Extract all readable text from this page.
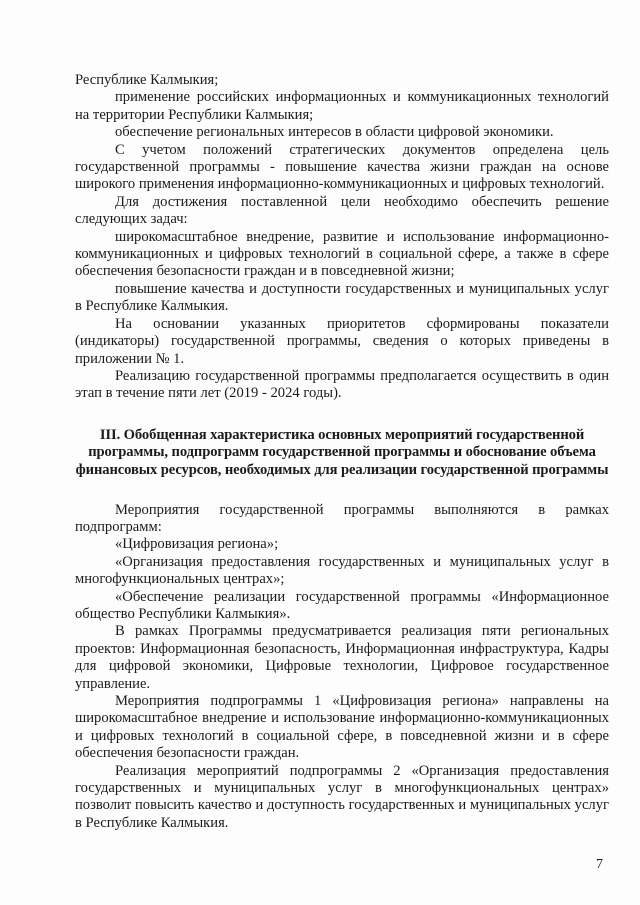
Республике Калмыкия;

применение российских информационных и коммуникационных технологий на территории Республики Калмыкия;

обеспечение региональных интересов в области цифровой экономики.

С учетом положений стратегических документов определена цель государственной программы - повышение качества жизни граждан на основе широкого применения информационно-коммуникационных и цифровых технологий.

Для достижения поставленной цели необходимо обеспечить решение следующих задач:

широкомасштабное внедрение, развитие и использование информационно-коммуникационных и цифровых технологий в социальной сфере, а также в сфере обеспечения безопасности граждан и в повседневной жизни;

повышение качества и доступности государственных и муниципальных услуг в Республике Калмыкия.

На основании указанных приоритетов сформированы показатели (индикаторы) государственной программы, сведения о которых приведены в приложении № 1.

Реализацию государственной программы предполагается осуществить в один этап в течение пяти лет (2019 - 2024 годы).

III. Обобщенная характеристика основных мероприятий государственной программы, подпрограмм государственной программы и обоснование объема финансовых ресурсов, необходимых для реализации государственной программы

Мероприятия государственной программы выполняются в рамках подпрограмм:

«Цифровизация региона»;

«Организация предоставления государственных и муниципальных услуг в многофункциональных центрах»;

«Обеспечение реализации государственной программы «Информационное общество Республики Калмыкия».

В рамках Программы предусматривается реализация пяти региональных проектов: Информационная безопасность, Информационная инфраструктура, Кадры для цифровой экономики, Цифровые технологии, Цифровое государственное управление.

Мероприятия подпрограммы 1 «Цифровизация региона» направлены на широкомасштабное внедрение и использование информационно-коммуникационных и цифровых технологий в социальной сфере, в повседневной жизни и в сфере обеспечения безопасности граждан.

Реализация мероприятий подпрограммы 2 «Организация предоставления государственных и муниципальных услуг в многофункциональных центрах» позволит повысить качество и доступность государственных и муниципальных услуг в Республике Калмыкия.

7
